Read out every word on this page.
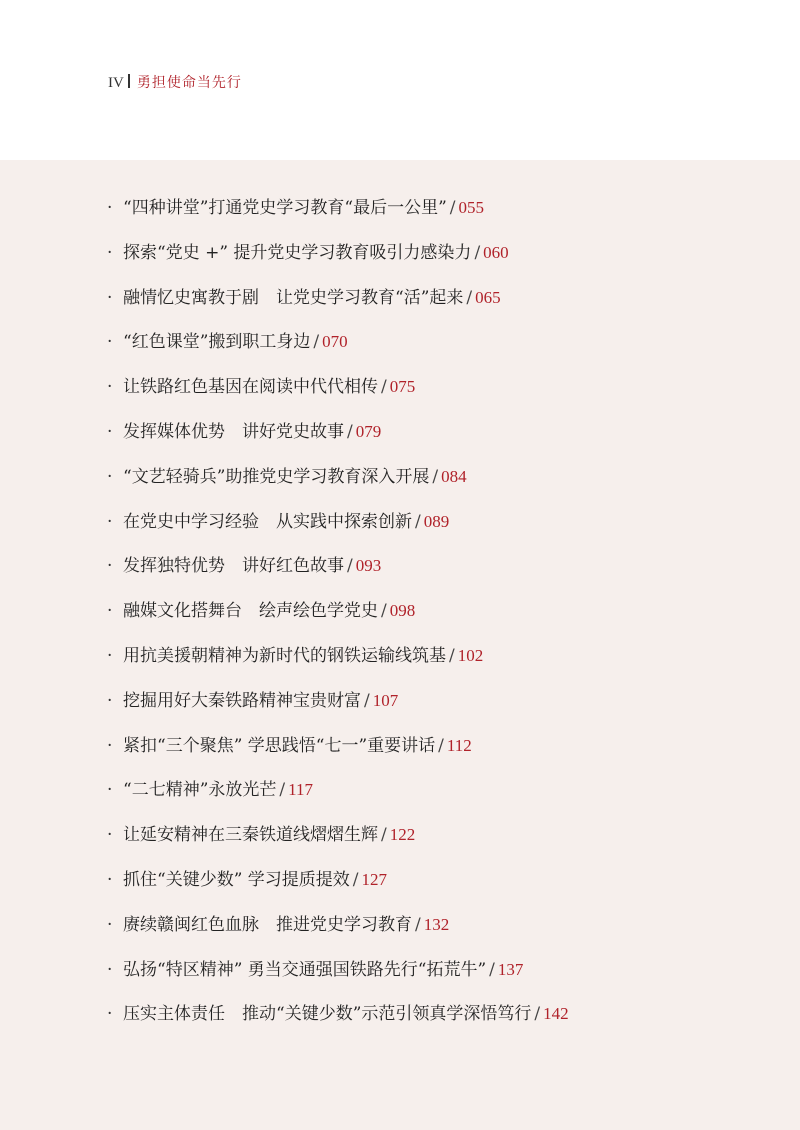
IV 勇担使命当先行
· “四种讲堂”打通党史学习教育“最后一公里” / 055
· 探索“党史 +” 提升党史学习教育吸引力感染力 / 060
· 融情忆史寓教于剧　让党史学习教育“活”起来 / 065
· “红色课堂”搬到职工身边 / 070
· 让铁路红色基因在阅读中代代相传 / 075
· 发挥媒体优势　讲好党史故事 / 079
· “文艺轻骑兵”助推党史学习教育深入开展 / 084
· 在党史中学习经验　从实践中探索创新 / 089
· 发挥独特优势　讲好红色故事 / 093
· 融媒文化搭舞台　绘声绘色学党史 / 098
· 用抗美援朝精神为新时代的钢铁运输线筑基 / 102
· 挖掘用好大秦铁路精神宝贵财富 / 107
· 紧扣“三个聚焦” 学思践悟“七一”重要讲话 / 112
· “二七精神”永放光芒 / 117
· 让延安精神在三秦铁道线熠熠生辉 / 122
· 抓住“关键少数” 学习提质提效 / 127
· 赓续赣闽红色血脉　推进党史学习教育 / 132
· 弘扬“特区精神” 勇当交通强国铁路先行“拓荒牛” / 137
· 压实主体责任　推动“关键少数”示范引领真学深悟笃行 / 142
